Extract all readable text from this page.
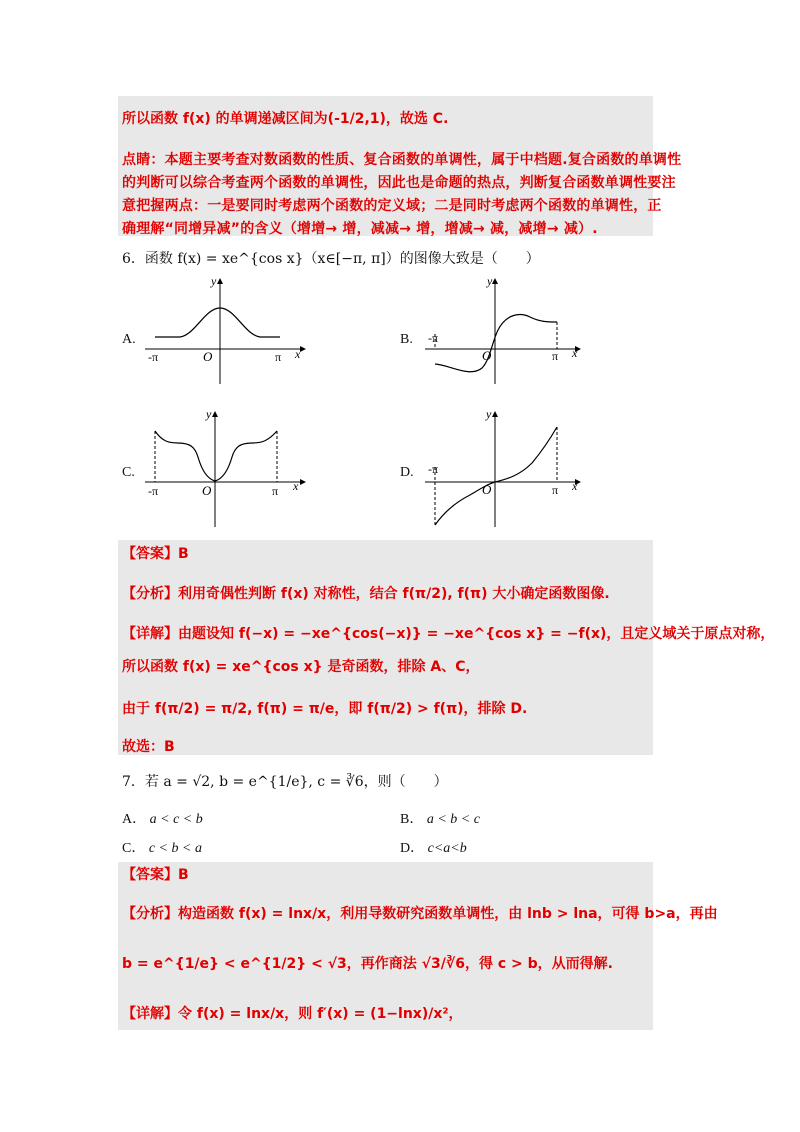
所以函数 f(x) 的单调递减区间为(-1/2,1)，故选 C.
点睛：本题主要考查对数函数的性质、复合函数的单调性，属于中档题.复合函数的单调性
的判断可以综合考查两个函数的单调性，因此也是命题的热点，判断复合函数单调性要注
意把握两点：一是要同时考虑两个函数的定义域；二是同时考虑两个函数的单调性，正
确理解“同增异减”的含义（增增→ 增，减减→ 增，增减→ 减，减增→ 减）.
6．函数 f(x) = xe^{cos x}（x∈[−π, π]）的图像大致是（　　）
A.	B.
C.	D.
y
x
O
-π	π
y
x
O
-π
π
y
x
O
-π	π
y
x
O
-π
π
【答案】B
【分析】利用奇偶性判断 f(x) 对称性，结合 f(π/2), f(π) 大小确定函数图像.
【详解】由题设知 f(−x) = −xe^{cos(−x)} = −xe^{cos x} = −f(x)，且定义域关于原点对称，
所以函数 f(x) = xe^{cos x} 是奇函数，排除 A、C，
由于 f(π/2) = π/2, f(π) = π/e，即 f(π/2) > f(π)，排除 D.
故选：B
7．若 a = √2, b = e^{1/e}, c = ∛6，则（　　）
A． a < c < b	B． a < b < c
C． c < b < a	D． c<a<b
【答案】B
【分析】构造函数 f(x) = lnx/x，利用导数研究函数单调性，由 lnb > lna，可得 b>a，再由
b = e^{1/e} < e^{1/2} < √3，再作商法 √3/∛6，得 c > b，从而得解.
【详解】令 f(x) = lnx/x，则 f′(x) = (1−lnx)/x²，
